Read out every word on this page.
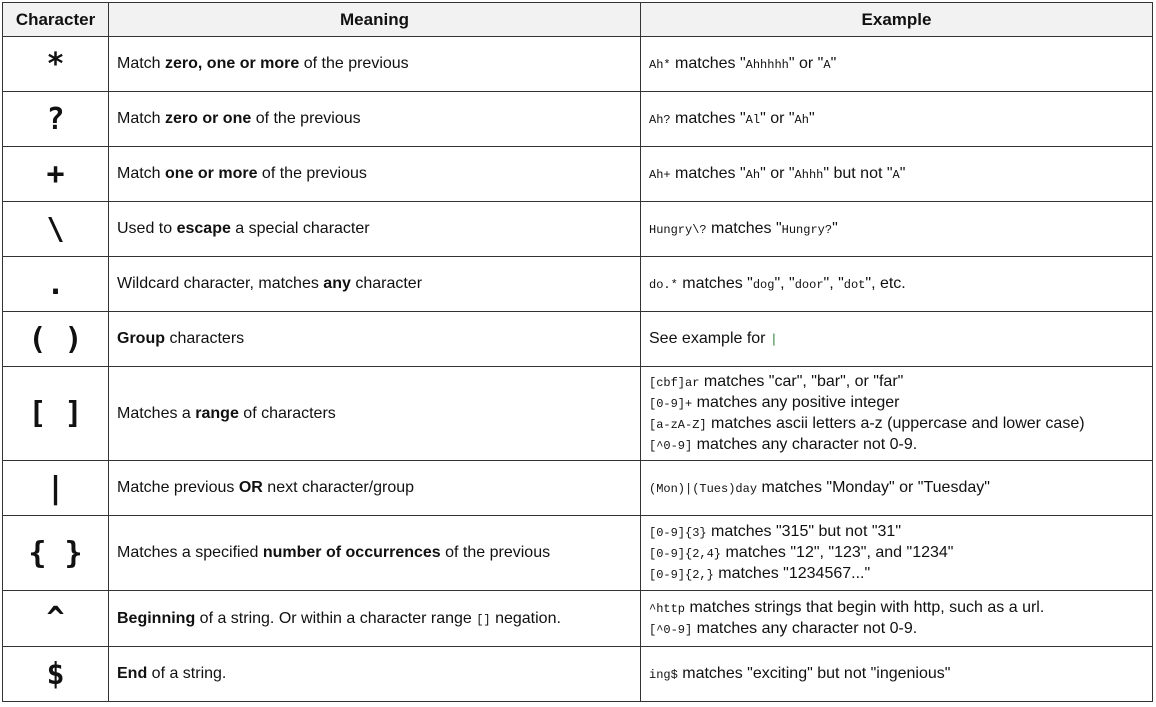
Character	Meaning	Example
*	Match zero, one or more of the previous	Ah* matches "Ahhhhh" or "A"

?	Match zero or one of the previous	Ah? matches "Al" or "Ah"

+	Match one or more of the previous	Ah+ matches "Ah" or "Ahhh" but not "A"

\	Used to escape a special character	Hungry\? matches "Hungry?"

.	Wildcard character, matches any character	do.* matches "dog", "door", "dot", etc.

( )	Group characters	See example for |

[ ]	Matches a range of characters	[cbf]ar matches "car", "bar", or "far"
[0-9]+ matches any positive integer
[a-zA-Z] matches ascii letters a-z (uppercase and lower case)
[^0-9] matches any character not 0-9.

|	Matche previous OR next character/group	(Mon)|(Tues)day matches "Monday" or "Tuesday"

{ }	Matches a specified number of occurrences of the previous	[0-9]{3} matches "315" but not "31"
[0-9]{2,4} matches "12", "123", and "1234"
[0-9]{2,} matches "1234567..."

^	Beginning of a string. Or within a character range [] negation.	^http matches strings that begin with http, such as a url.
[^0-9] matches any character not 0-9.

$	End of a string.	ing$ matches "exciting" but not "ingenious"
